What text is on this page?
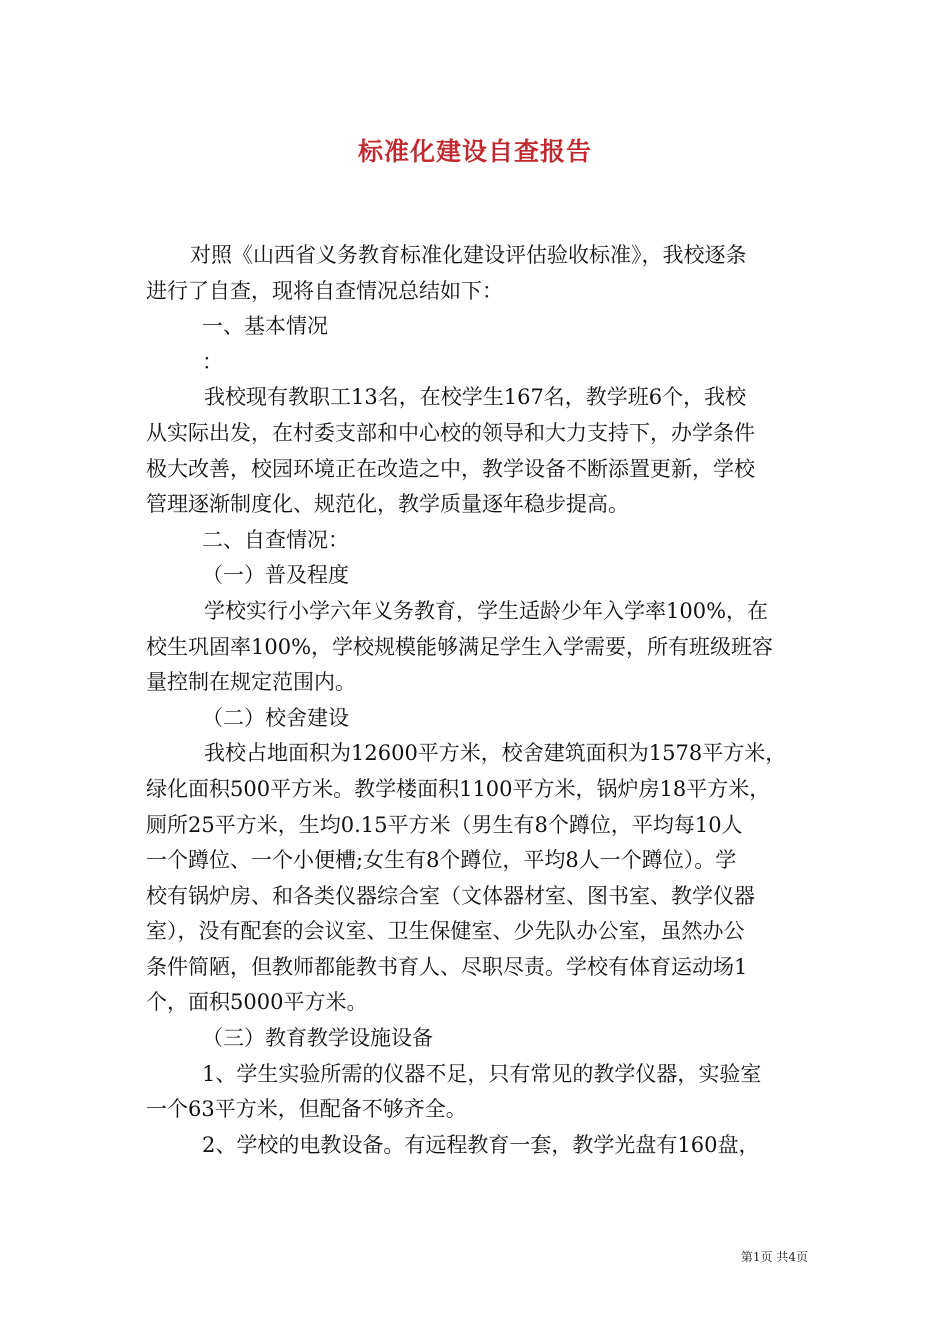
标准化建设自查报告
对照《山西省义务教育标准化建设评估验收标准》，我校逐条
进行了自查，现将自查情况总结如下：
一、基本情况
：
我校现有教职工13名，在校学生167名，教学班6个，我校
从实际出发，在村委支部和中心校的领导和大力支持下，办学条件
极大改善，校园环境正在改造之中，教学设备不断添置更新，学校
管理逐渐制度化、规范化，教学质量逐年稳步提高。
二、自查情况：
（一）普及程度
学校实行小学六年义务教育，学生适龄少年入学率100%，在
校生巩固率100%，学校规模能够满足学生入学需要，所有班级班容
量控制在规定范围内。
（二）校舍建设
我校占地面积为12600平方米，校舍建筑面积为1578平方米，
绿化面积500平方米。教学楼面积1100平方米，锅炉房18平方米，
厕所25平方米，生均0.15平方米（男生有8个蹲位，平均每10人
一个蹲位、一个小便槽;女生有8个蹲位，平均8人一个蹲位）。学
校有锅炉房、和各类仪器综合室（文体器材室、图书室、教学仪器
室），没有配套的会议室、卫生保健室、少先队办公室，虽然办公
条件简陋，但教师都能教书育人、尽职尽责。学校有体育运动场1
个，面积5000平方米。
（三）教育教学设施设备
1、学生实验所需的仪器不足，只有常见的教学仪器，实验室
一个63平方米，但配备不够齐全。
2、学校的电教设备。有远程教育一套，教学光盘有160盘，
第1页 共4页
